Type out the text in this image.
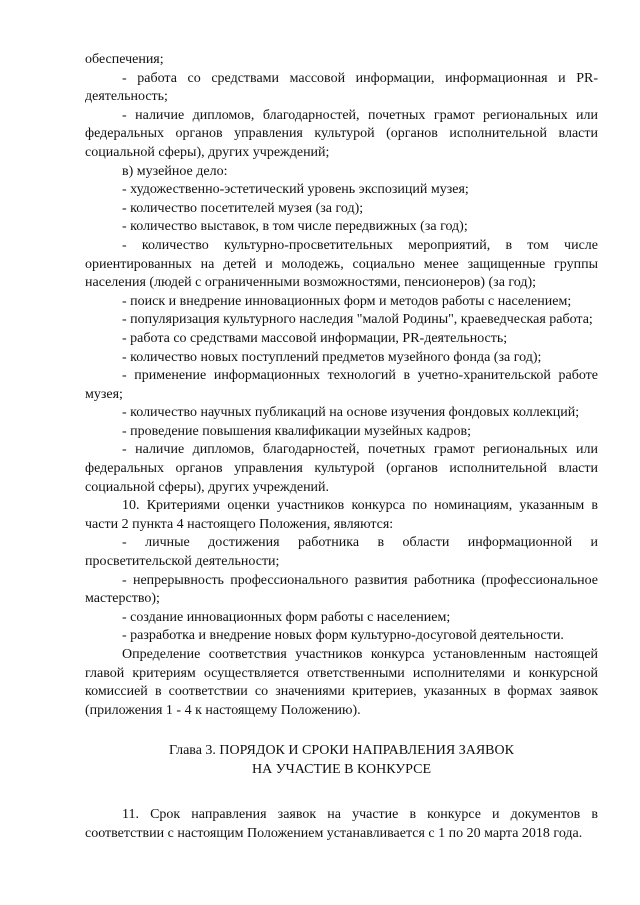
обеспечения;

- работа со средствами массовой информации, информационная и PR-деятельность;

- наличие дипломов, благодарностей, почетных грамот региональных или федеральных органов управления культурой (органов исполнительной власти социальной сферы), других учреждений;

в) музейное дело:

- художественно-эстетический уровень экспозиций музея;

- количество посетителей музея (за год);

- количество выставок, в том числе передвижных (за год);

- количество культурно-просветительных мероприятий, в том числе ориентированных на детей и молодежь, социально менее защищенные группы населения (людей с ограниченными возможностями, пенсионеров) (за год);

- поиск и внедрение инновационных форм и методов работы с населением;

- популяризация культурного наследия "малой Родины", краеведческая работа;

- работа со средствами массовой информации, PR-деятельность;

- количество новых поступлений предметов музейного фонда (за год);

- применение информационных технологий в учетно-хранительской работе музея;

- количество научных публикаций на основе изучения фондовых коллекций;

- проведение повышения квалификации музейных кадров;

- наличие дипломов, благодарностей, почетных грамот региональных или федеральных органов управления культурой (органов исполнительной власти социальной сферы), других учреждений.

10. Критериями оценки участников конкурса по номинациям, указанным в части 2 пункта 4 настоящего Положения, являются:

- личные достижения работника в области информационной и просветительской деятельности;

- непрерывность профессионального развития работника (профессиональное мастерство);

- создание инновационных форм работы с населением;

- разработка и внедрение новых форм культурно-досуговой деятельности.

Определение соответствия участников конкурса установленным настоящей главой критериям осуществляется ответственными исполнителями и конкурсной комиссией в соответствии со значениями критериев, указанных в формах заявок (приложения 1 - 4 к настоящему Положению).

Глава 3. ПОРЯДОК И СРОКИ НАПРАВЛЕНИЯ ЗАЯВОК
НА УЧАСТИЕ В КОНКУРСЕ

11. Срок направления заявок на участие в конкурсе и документов в соответствии с настоящим Положением устанавливается с 1 по 20 марта 2018 года.
